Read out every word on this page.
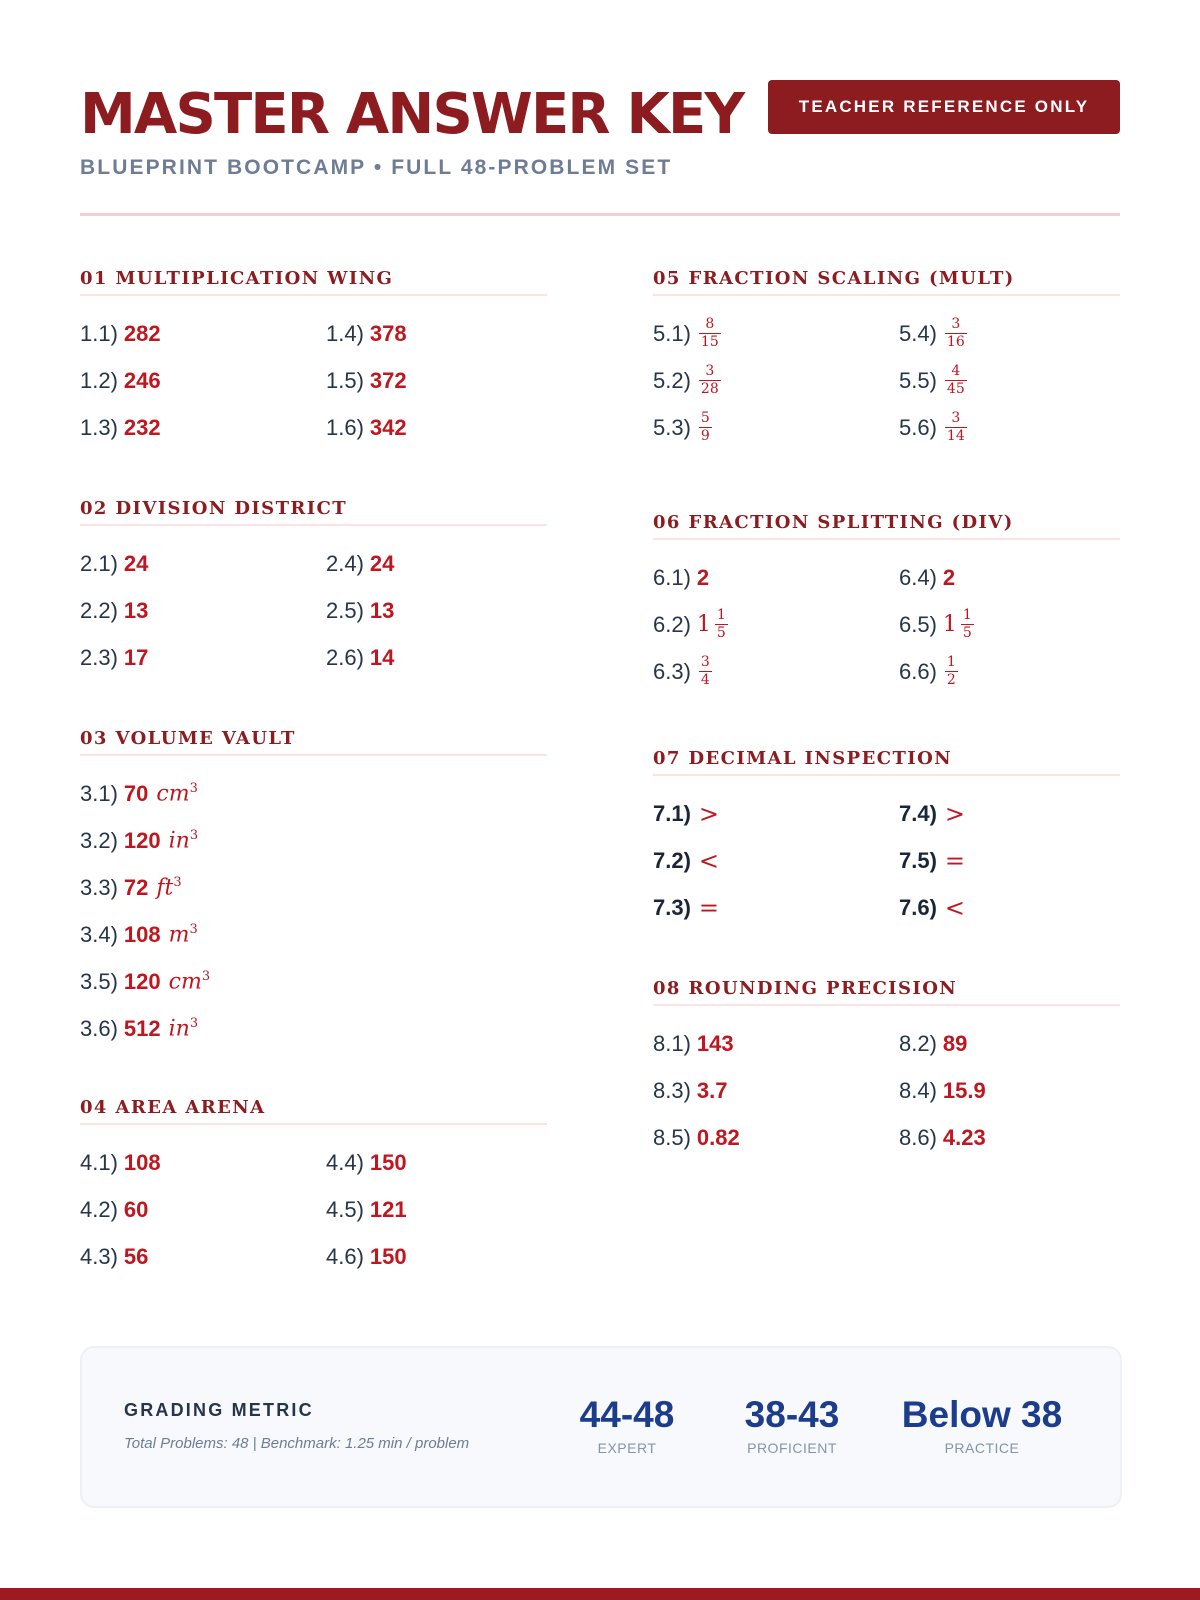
MASTER ANSWER KEY	TEACHER REFERENCE ONLY
BLUEPRINT BOOTCAMP • FULL 48-PROBLEM SET
01 MULTIPLICATION WING
1.1) 282	1.4) 378
1.2) 246	1.5) 372
1.3) 232	1.6) 342
02 DIVISION DISTRICT
2.1) 24	2.4) 24
2.2) 13	2.5) 13
2.3) 17	2.6) 14
03 VOLUME VAULT
3.1) 70 $cm^3$
3.2) 120 $in^3$
3.3) 72 $ft^3$
3.4) 108 $m^3$
3.5) 120 $cm^3$
3.6) 512 $in^3$
04 AREA ARENA
4.1) 108	4.4) 150
4.2) 60	4.5) 121
4.3) 56	4.6) 150
05 FRACTION SCALING (MULT)
$5.1) \frac{8}{15}$	$5.4) \frac{3}{16}$
$5.2) \frac{3}{28}$	$5.5) \frac{4}{45}$
$5.3) \frac{5}{9}$	$5.6) \frac{3}{14}$
06 FRACTION SPLITTING (DIV)
6.1) 2	6.4) 2
6.2) $1 \frac{1}{5}$	6.5) $1 \frac{1}{5}$
$6.3) \frac{3}{4}$	$6.6) \frac{1}{2}$
07 DECIMAL INSPECTION
7.1) >	7.4) >
7.2) <	7.5) =
7.3) =	7.6) <
08 ROUNDING PRECISION
8.1) 143	8.2) 89
8.3) 3.7	8.4) 15.9
8.5) 0.82	8.6) 4.23
GRADING METRIC
Total Problems: 48 | Benchmark: 1.25 min / problem
44-48
EXPERT
38-43
PROFICIENT
Below 38
PRACTICE
